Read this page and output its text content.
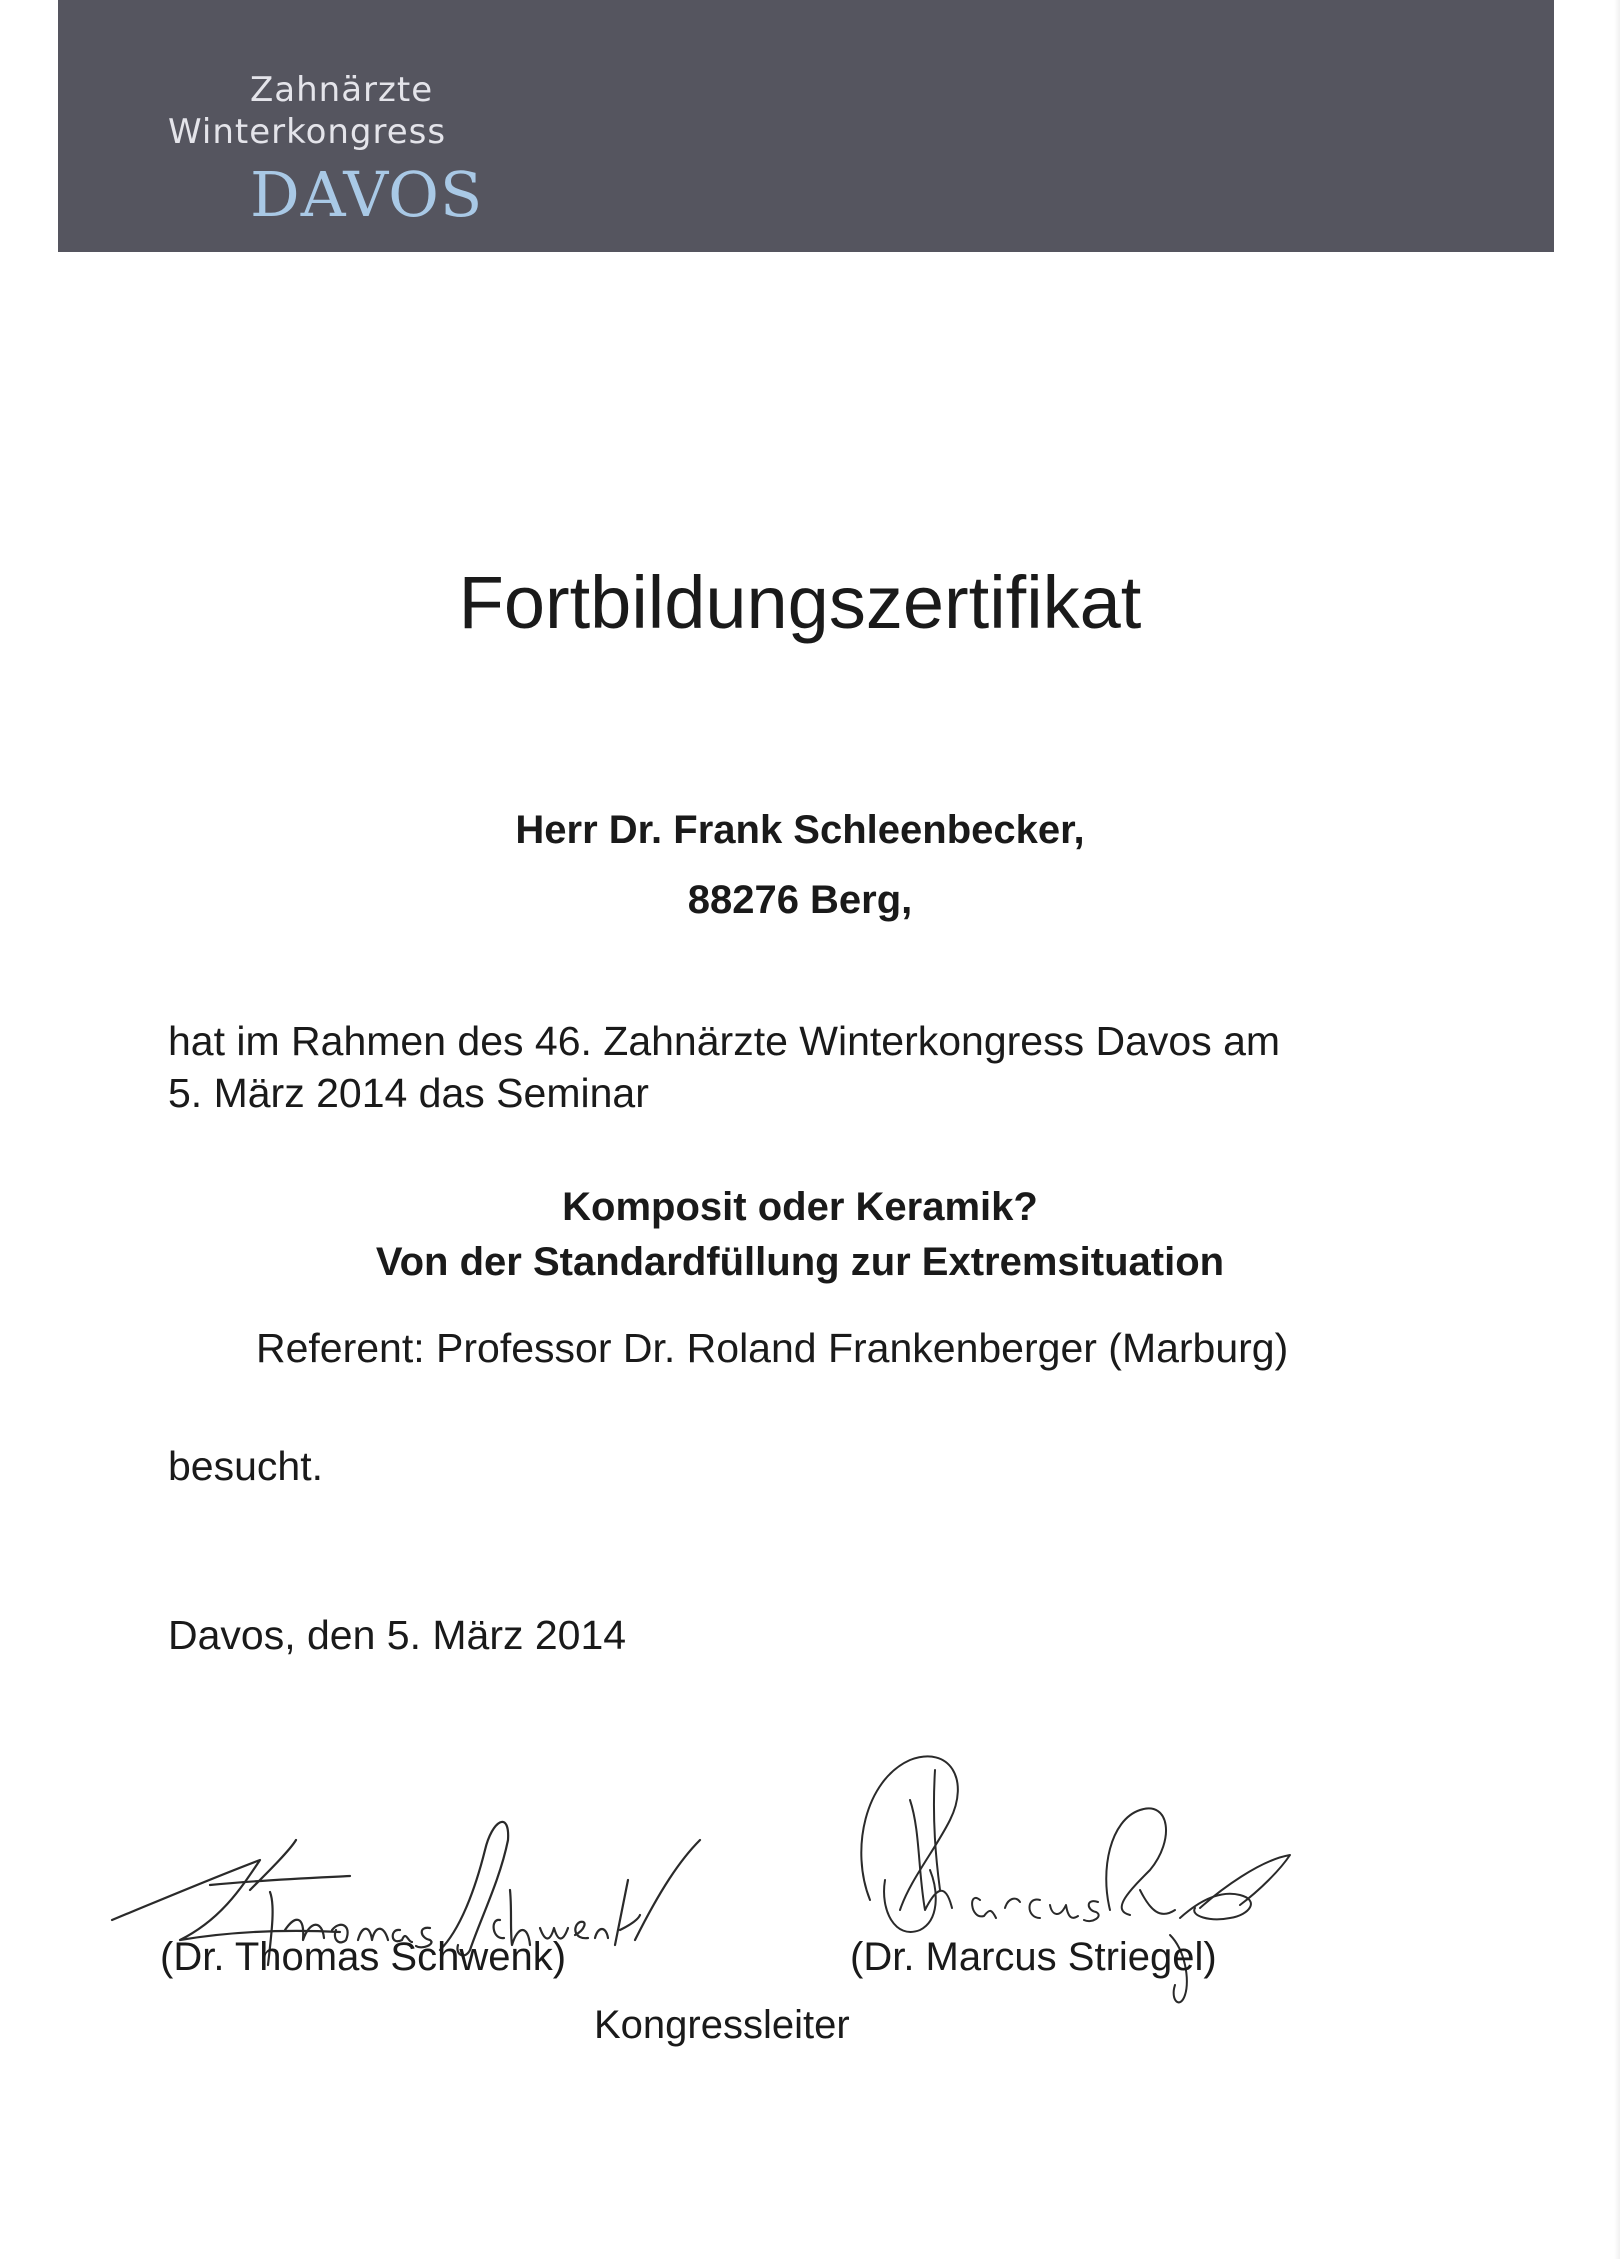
Zahnärzte
Winterkongress
DAVOS
Fortbildungszertifikat
Herr Dr. Frank Schleenbecker,
88276 Berg,
hat im Rahmen des 46. Zahnärzte Winterkongress Davos am
5. März 2014 das Seminar
Komposit oder Keramik?
Von der Standardfüllung zur Extremsituation
Referent: Professor Dr. Roland Frankenberger (Marburg)
besucht.
Davos, den 5. März 2014
(Dr. Thomas Schwenk)	(Dr. Marcus Striegel)
Kongressleiter
